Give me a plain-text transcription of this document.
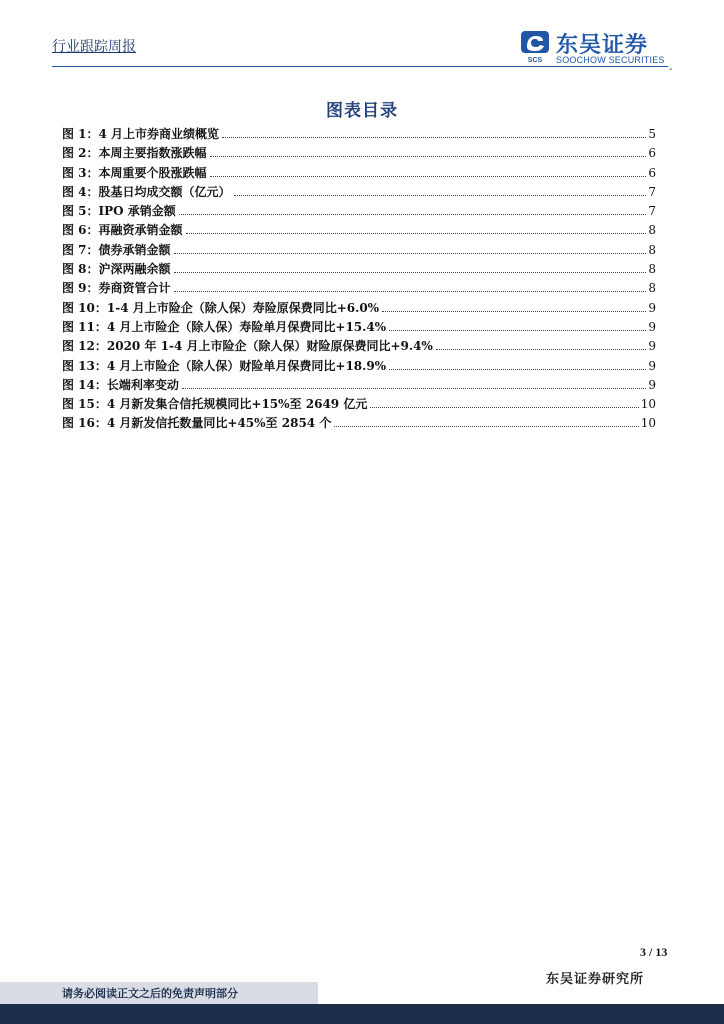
行业跟踪周报
SCS
东吴证券
SOOCHOW SECURITIES
-
图表目录
图 1：4 月上市券商业绩概览	5
图 2：本周主要指数涨跌幅	6
图 3：本周重要个股涨跌幅	6
图 4：股基日均成交额（亿元）	7
图 5：IPO 承销金额	7
图 6：再融资承销金额	8
图 7：债券承销金额	8
图 8：沪深两融余额	8
图 9：券商资管合计	8
图 10：1-4 月上市险企（除人保）寿险原保费同比+6.0%	9
图 11：4 月上市险企（除人保）寿险单月保费同比+15.4%	9
图 12：2020 年 1-4 月上市险企（除人保）财险原保费同比+9.4%	9
图 13：4 月上市险企（除人保）财险单月保费同比+18.9%	9
图 14：长端利率变动	9
图 15：4 月新发集合信托规模同比+15%至 2649 亿元	10
图 16：4 月新发信托数量同比+45%至 2854 个	10
3 / 13
东吴证券研究所
请务必阅读正文之后的免责声明部分
